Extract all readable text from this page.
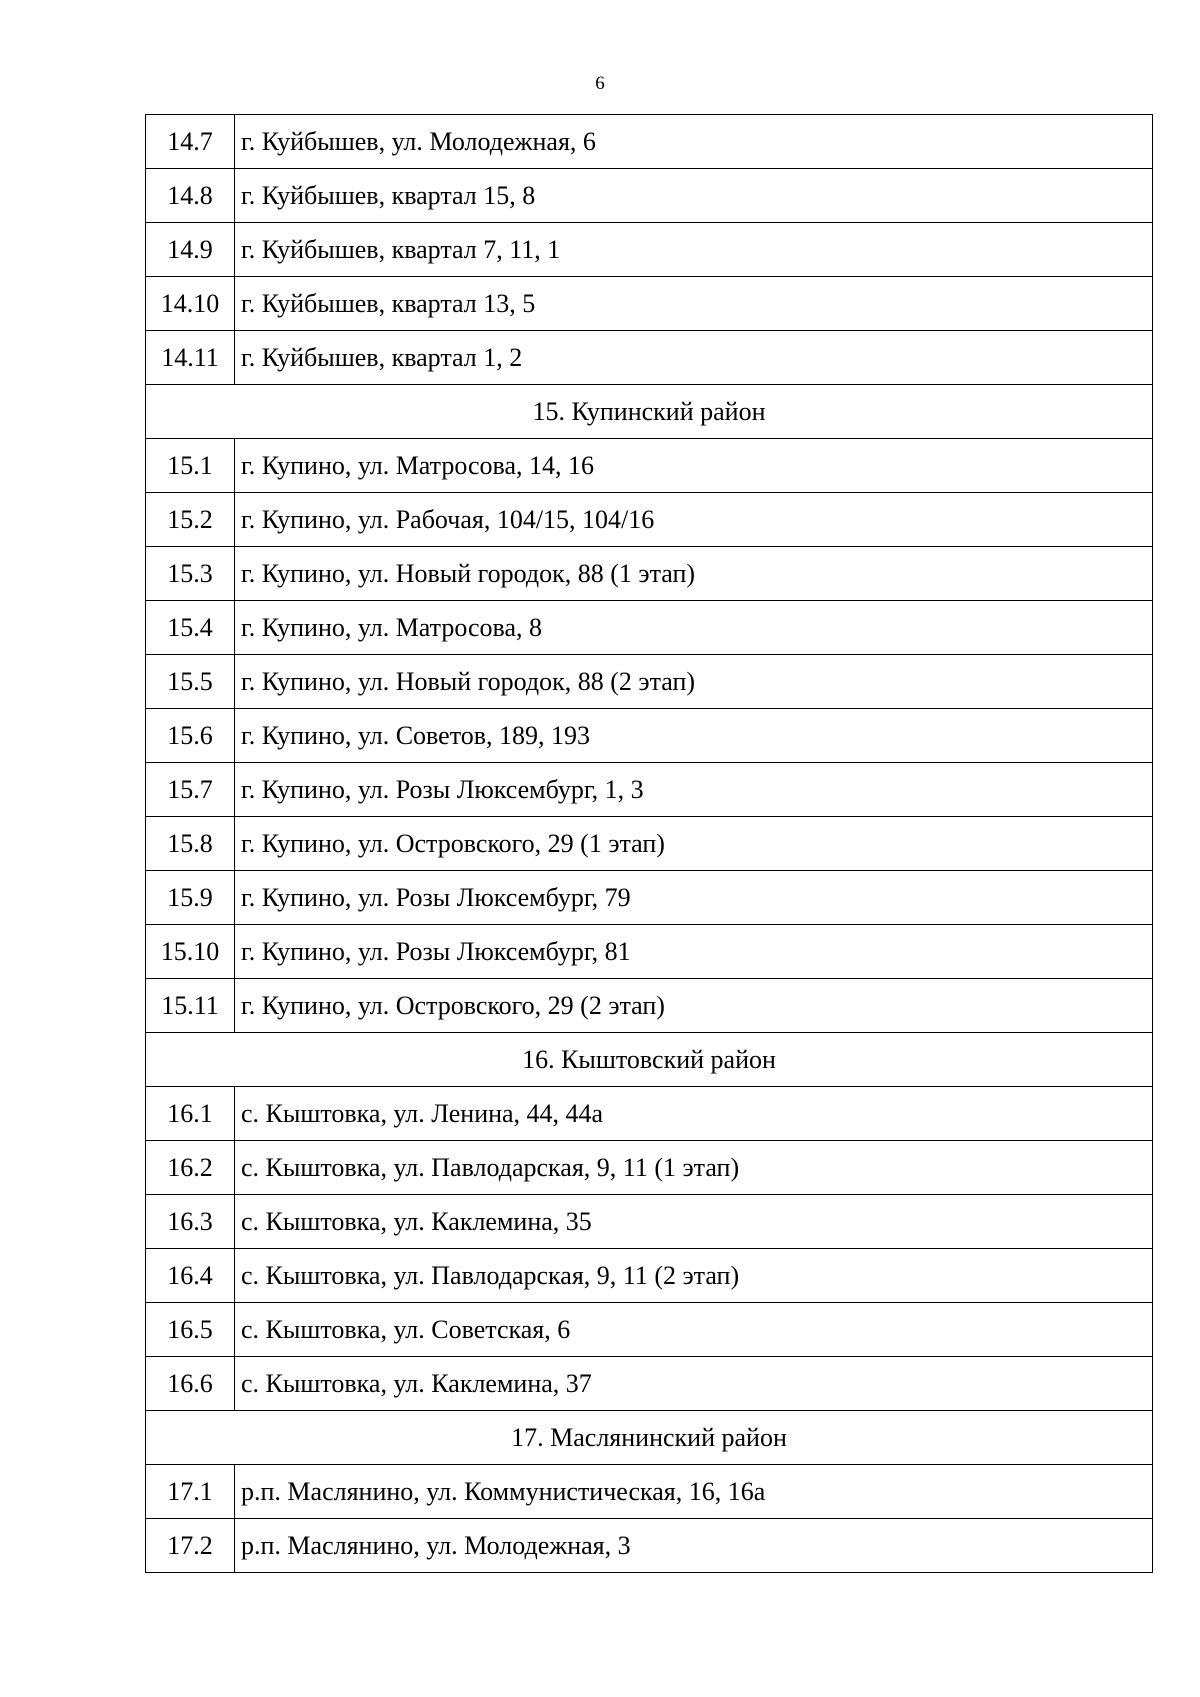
6
14.7	г. Куйбышев, ул. Молодежная, 6
14.8	г. Куйбышев, квартал 15, 8
14.9	г. Куйбышев, квартал 7, 11, 1
14.10	г. Куйбышев, квартал 13, 5
14.11	г. Куйбышев, квартал 1, 2
15. Купинский район	
15.1	г. Купино, ул. Матросова, 14, 16
15.2	г. Купино, ул. Рабочая, 104/15, 104/16
15.3	г. Купино, ул. Новый городок, 88 (1 этап)
15.4	г. Купино, ул. Матросова, 8
15.5	г. Купино, ул. Новый городок, 88 (2 этап)
15.6	г. Купино, ул. Советов, 189, 193
15.7	г. Купино, ул. Розы Люксембург, 1, 3
15.8	г. Купино, ул. Островского, 29 (1 этап)
15.9	г. Купино, ул. Розы Люксембург, 79
15.10	г. Купино, ул. Розы Люксембург, 81
15.11	г. Купино, ул. Островского, 29 (2 этап)
16. Кыштовский район	
16.1	с. Кыштовка, ул. Ленина, 44, 44а
16.2	с. Кыштовка, ул. Павлодарская, 9, 11 (1 этап)
16.3	с. Кыштовка, ул. Каклемина, 35
16.4	с. Кыштовка, ул. Павлодарская, 9, 11 (2 этап)
16.5	с. Кыштовка, ул. Советская, 6
16.6	с. Кыштовка, ул. Каклемина, 37
17. Маслянинский район	
17.1	р.п. Маслянино, ул. Коммунистическая, 16, 16а
17.2	р.п. Маслянино, ул. Молодежная, 3
